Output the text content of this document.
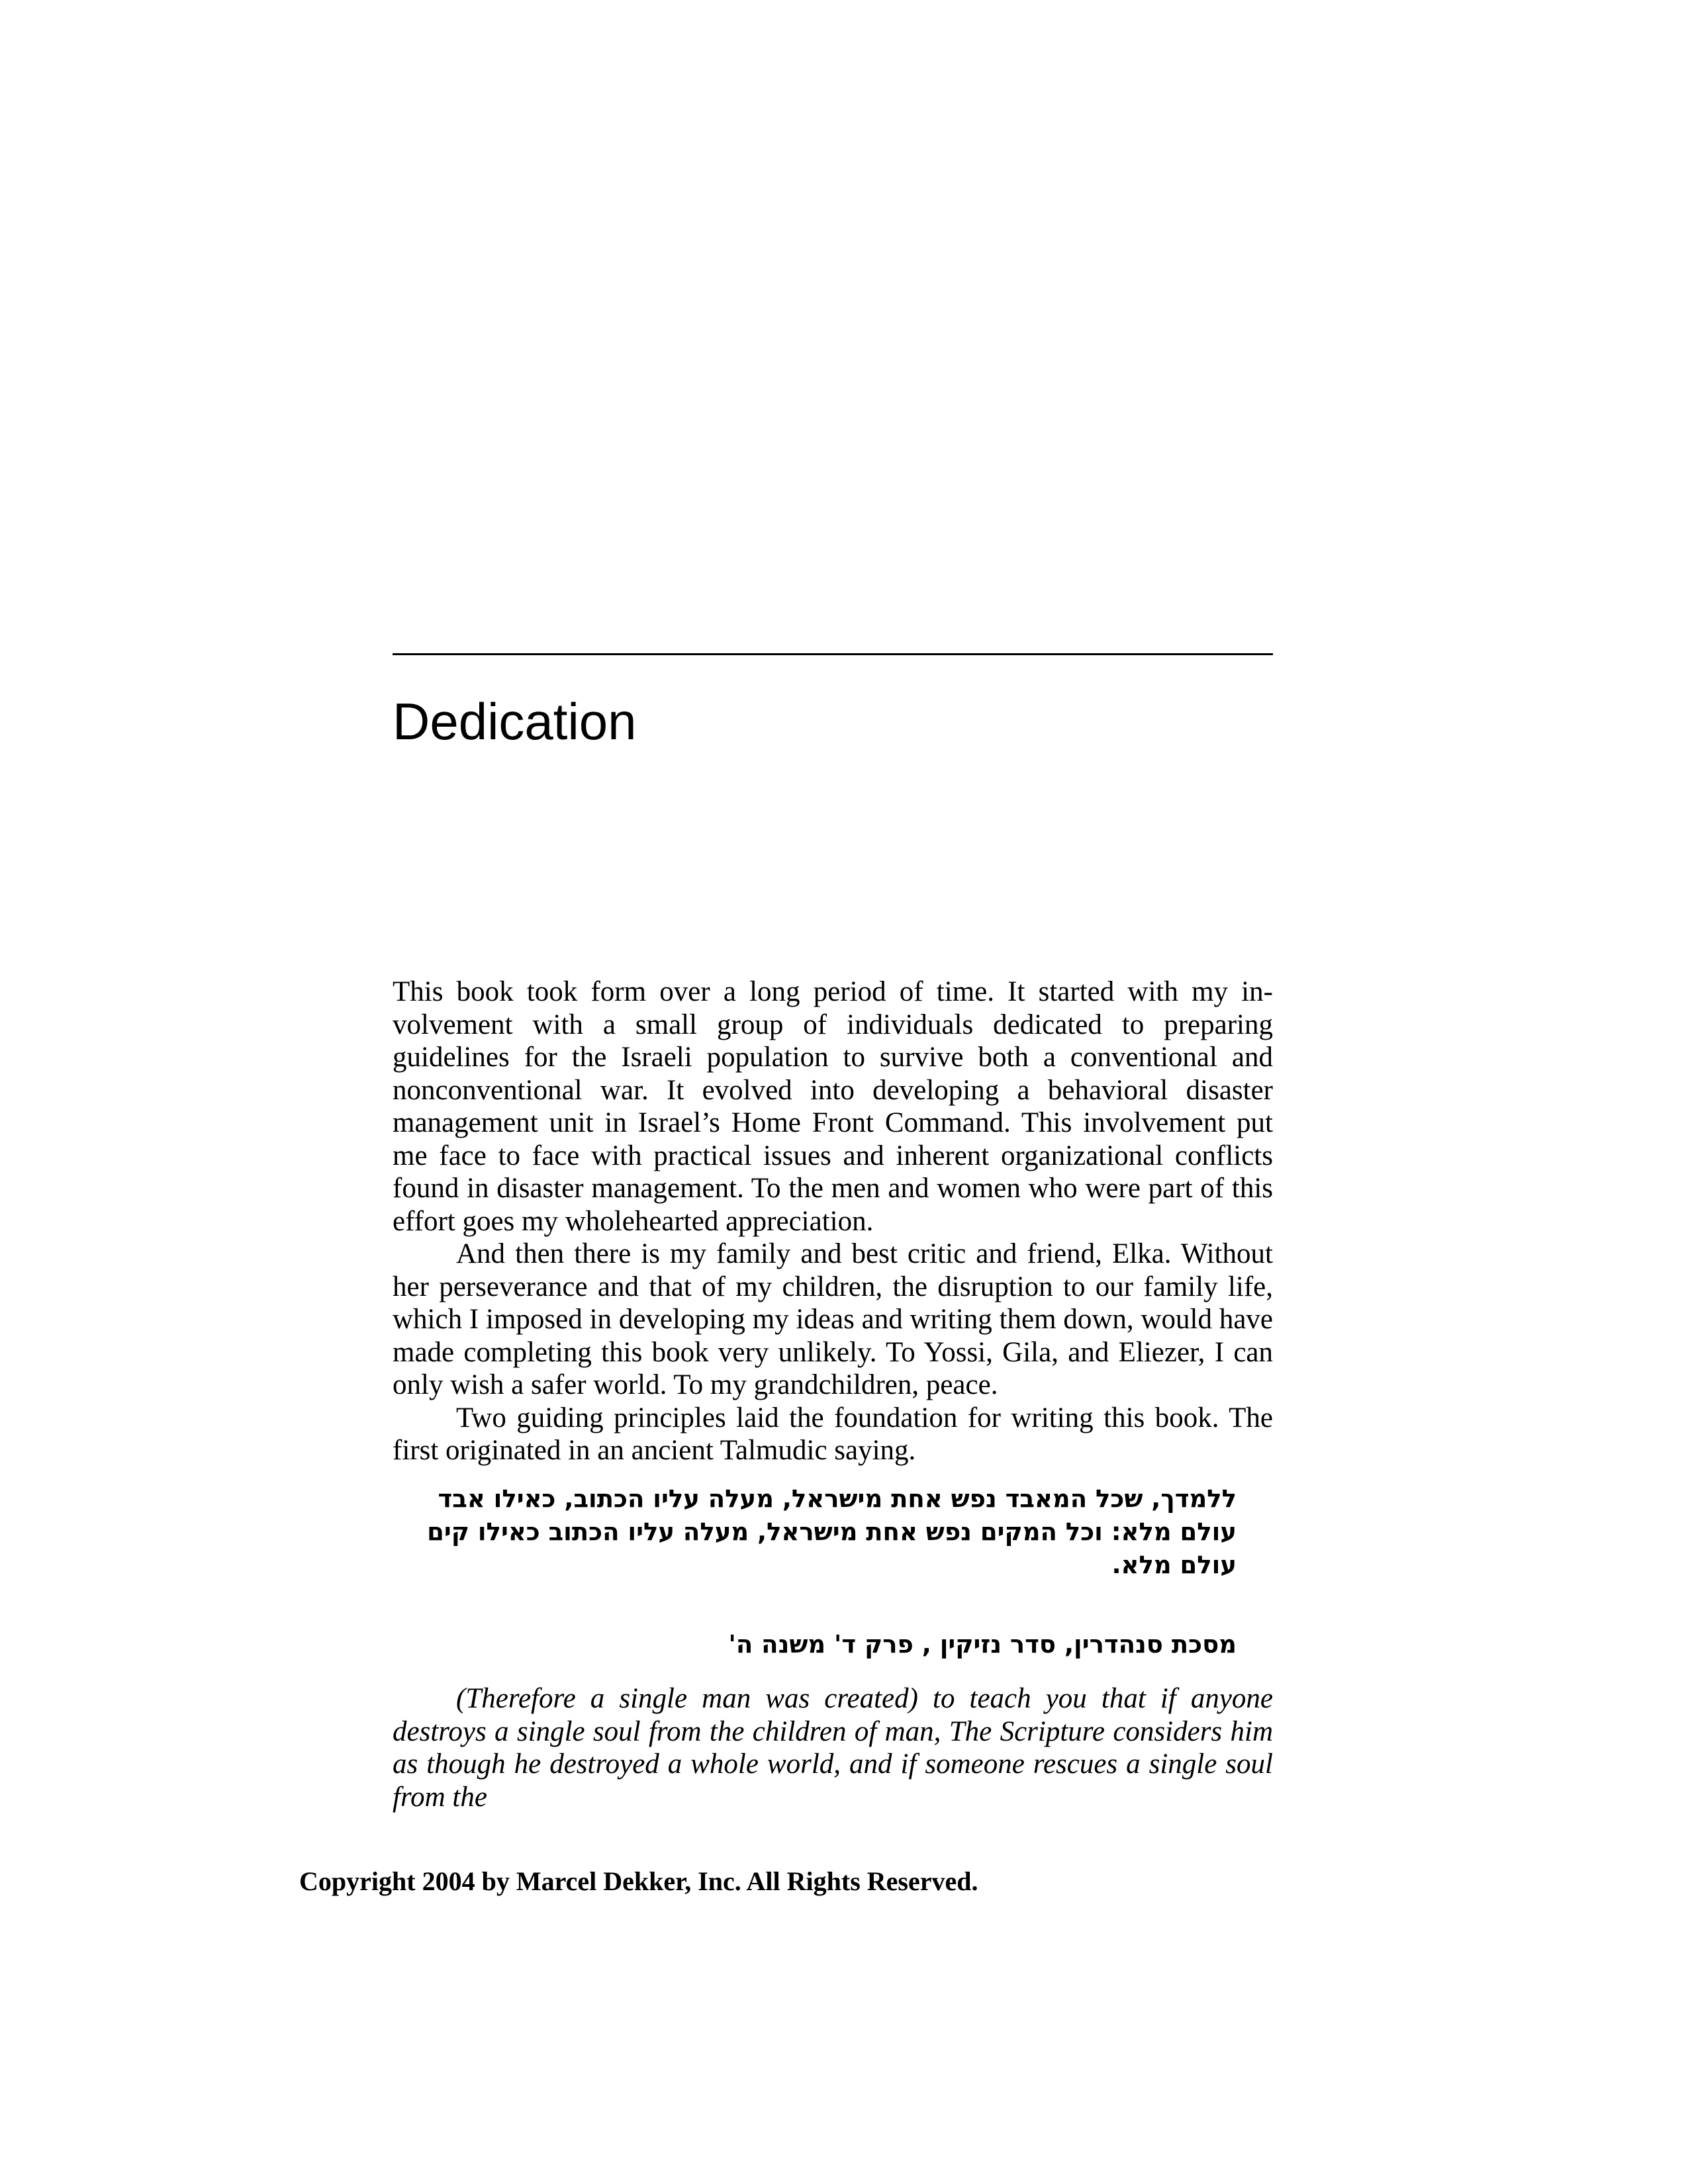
Dedication

This book took form over a long period of time. It started with my involvement with a small group of individuals dedicated to preparing guidelines for the Israeli population to survive both a conventional and nonconventional war. It evolved into developing a behavioral disaster management unit in Israel’s Home Front Command. This involvement put me face to face with practical issues and inherent organizational conflicts found in disaster management. To the men and women who were part of this effort goes my wholehearted appreciation.

And then there is my family and best critic and friend, Elka. Without her perseverance and that of my children, the disruption to our family life, which I imposed in developing my ideas and writing them down, would have made completing this book very unlikely. To Yossi, Gila, and Eliezer, I can only wish a safer world. To my grandchildren, peace.

Two guiding principles laid the foundation for writing this book. The first originated in an ancient Talmudic saying.

ללמדך, שכל המאבד נפש אחת מישראל, מעלה עליו הכתוב, כאילו אבד עולם מלא: וכל המקים נפש אחת מישראל, מעלה עליו הכתוב כאילו קים עולם מלא.
מסכת סנהדרין, סדר נזיקין , פרק ד' משנה ה'

(Therefore a single man was created) to teach you that if anyone destroys a single soul from the children of man, The Scripture considers him as though he destroyed a whole world, and if someone rescues a single soul from the

Copyright 2004 by Marcel Dekker, Inc. All Rights Reserved.
